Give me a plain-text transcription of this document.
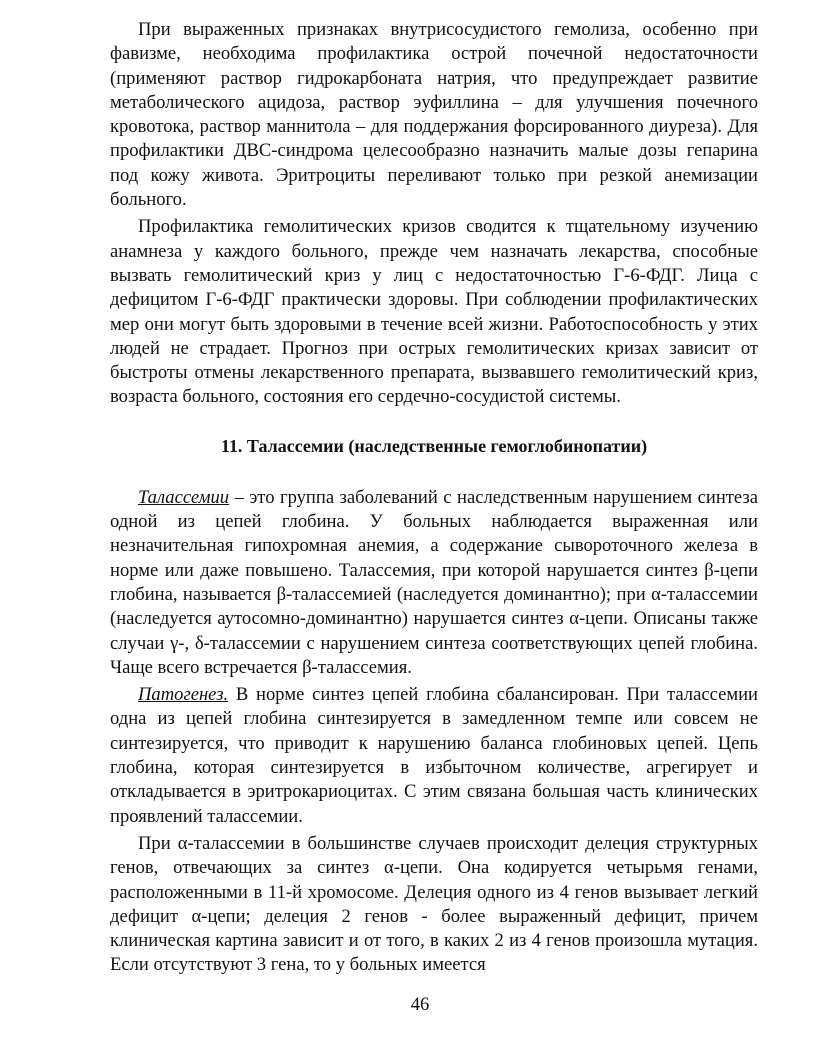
При выраженных признаках внутрисосудистого гемолиза, особенно при фавизме, необходима профилактика острой почечной недостаточности (применяют раствор гидрокарбоната натрия, что предупреждает развитие метаболического ацидоза, раствор эуфиллина – для улучшения почечного кровотока, раствор маннитола – для поддержания форсированного диуреза). Для профилактики ДВС-синдрома целесообразно назначить малые дозы гепарина под кожу живота. Эритроциты переливают только при резкой анемизации больного.

Профилактика гемолитических кризов сводится к тщательному изучению анамнеза у каждого больного, прежде чем назначать лекарства, способные вызвать гемолитический криз у лиц с недостаточностью Г-6-ФДГ. Лица с дефицитом Г-6-ФДГ практически здоровы. При соблюдении профилактических мер они могут быть здоровыми в течение всей жизни. Работоспособность у этих людей не страдает. Прогноз при острых гемолитических кризах зависит от быстроты отмены лекарственного препарата, вызвавшего гемолитический криз, возраста больного, состояния его сердечно-сосудистой системы.

11. Талассемии (наследственные гемоглобинопатии)

Талассемии – это группа заболеваний с наследственным нарушением синтеза одной из цепей глобина. У больных наблюдается выраженная или незначительная гипохромная анемия, а содержание сывороточного железа в норме или даже повышено. Талассемия, при которой нарушается синтез β-цепи глобина, называется β-талассемией (наследуется доминантно); при α-талассемии (наследуется аутосомно-доминантно) нарушается синтез α-цепи. Описаны также случаи γ-, δ-талассемии с нарушением синтеза соответствующих цепей глобина. Чаще всего встречается β-талассемия.

Патогенез. В норме синтез цепей глобина сбалансирован. При талассемии одна из цепей глобина синтезируется в замедленном темпе или совсем не синтезируется, что приводит к нарушению баланса глобиновых цепей. Цепь глобина, которая синтезируется в избыточном количестве, агрегирует и откладывается в эритрокариоцитах. С этим связана большая часть клинических проявлений талассемии.

При α-талассемии в большинстве случаев происходит делеция структурных генов, отвечающих за синтез α-цепи. Она кодируется четырьмя генами, расположенными в 11-й хромосоме. Делеция одного из 4 генов вызывает легкий дефицит α-цепи; делеция 2 генов - более выраженный дефицит, причем клиническая картина зависит и от того, в каких 2 из 4 генов произошла мутация. Если отсутствуют 3 гена, то у больных имеется

46
